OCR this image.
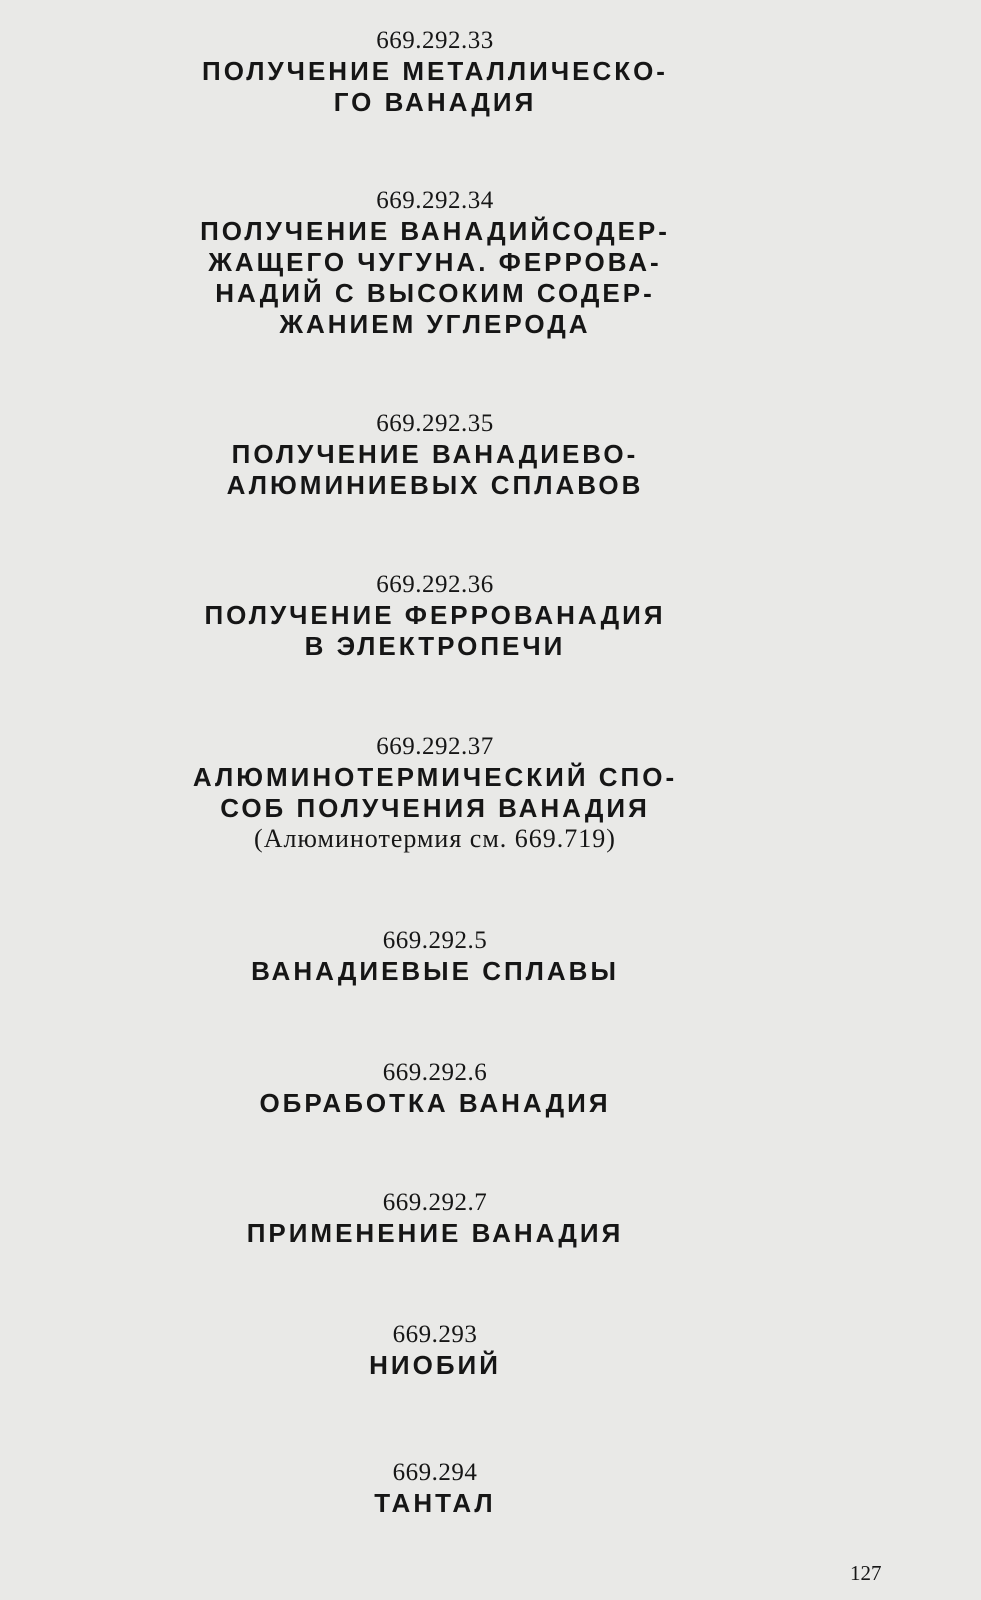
669.292.33

ПОЛУЧЕНИЕ МЕТАЛЛИЧЕСКО-

ГО ВАНАДИЯ

669.292.34

ПОЛУЧЕНИЕ ВАНАДИЙСОДЕР-

ЖАЩЕГО ЧУГУНА. ФЕРРОВА-

НАДИЙ С ВЫСОКИМ СОДЕР-

ЖАНИЕМ УГЛЕРОДА

669.292.35

ПОЛУЧЕНИЕ ВАНАДИЕВО-

АЛЮМИНИЕВЫХ СПЛАВОВ

669.292.36

ПОЛУЧЕНИЕ ФЕРРОВАНАДИЯ

В ЭЛЕКТРОПЕЧИ

669.292.37

АЛЮМИНОТЕРМИЧЕСКИЙ СПО-

СОБ ПОЛУЧЕНИЯ ВАНАДИЯ

(Алюминотермия см. 669.719)

669.292.5

ВАНАДИЕВЫЕ СПЛАВЫ

669.292.6

ОБРАБОТКА ВАНАДИЯ

669.292.7

ПРИМЕНЕНИЕ ВАНАДИЯ

669.293

НИОБИЙ

669.294

ТАНТАЛ

127
